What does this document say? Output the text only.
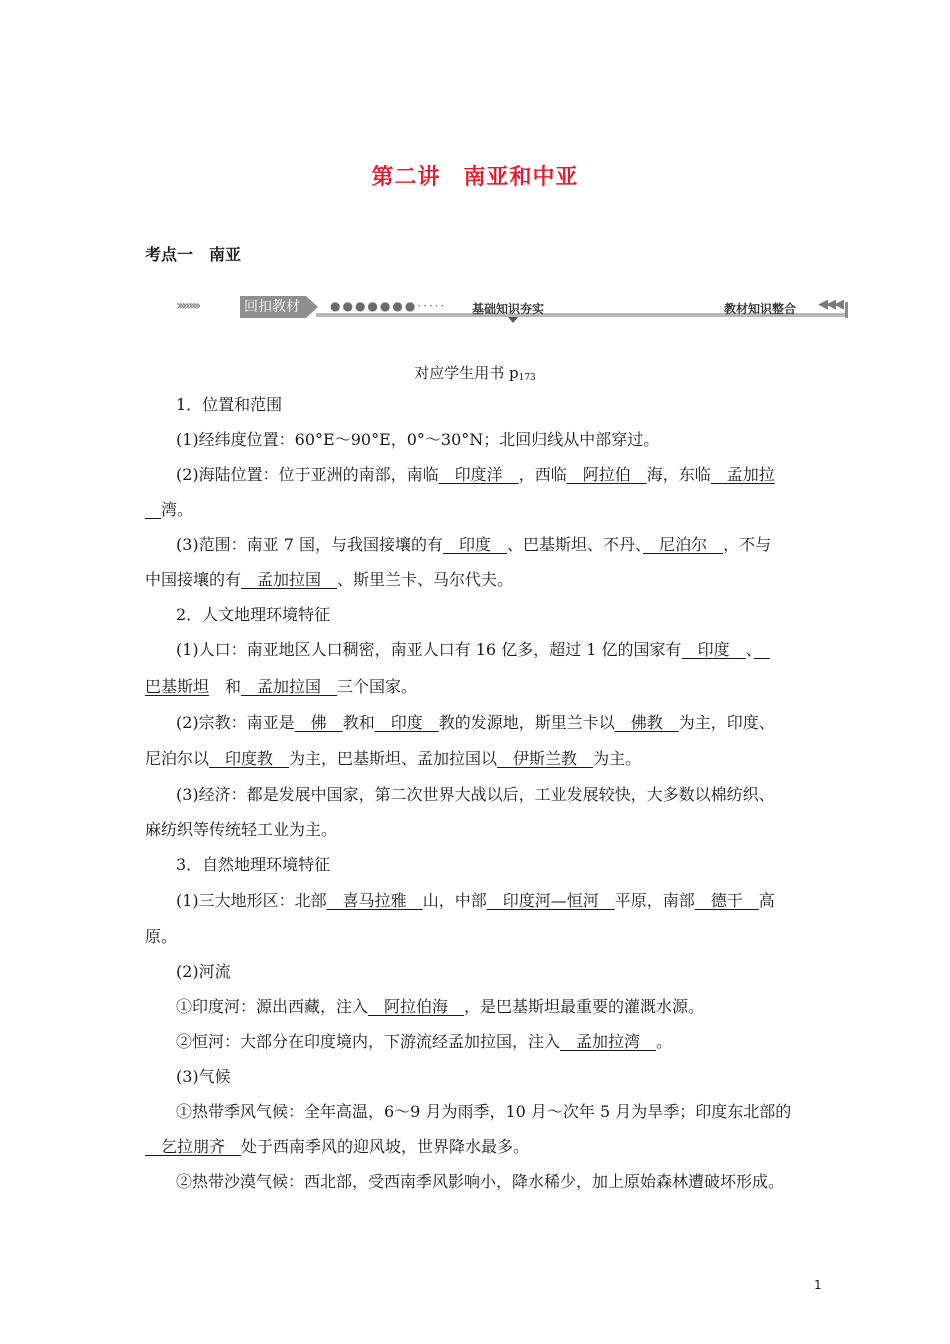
第二讲　南亚和中亚
考点一　南亚
››››››››	回扣教材	●●●●●●●····· 基础知识夯实	教材知识整合 ◀◀◀
对应学生用书 $p_{173}$
1．位置和范围
(1)经纬度位置：60°E～90°E，0°～30°N；北回归线从中部穿过。
(2)海陆位置：位于亚洲的南部，南临　印度洋　，西临　阿拉伯　海，东临　孟加拉
　湾。
(3)范围：南亚 7 国，与我国接壤的有　印度　、巴基斯坦、不丹、　尼泊尔　，不与
中国接壤的有　孟加拉国　、斯里兰卡、马尔代夫。
2．人文地理环境特征
(1)人口：南亚地区人口稠密，南亚人口有 16 亿多，超过 1 亿的国家有　印度　、　
巴基斯坦　和　孟加拉国　三个国家。
(2)宗教：南亚是　佛　教和　印度　教的发源地，斯里兰卡以　佛教　为主，印度、
尼泊尔以　印度教　为主，巴基斯坦、孟加拉国以　伊斯兰教　为主。
(3)经济：都是发展中国家，第二次世界大战以后，工业发展较快，大多数以棉纺织、
麻纺织等传统轻工业为主。
3．自然地理环境特征
(1)三大地形区：北部　喜马拉雅　山，中部　印度河—恒河　平原，南部　德干　高
原。
(2)河流
①印度河：源出西藏，注入　阿拉伯海　，是巴基斯坦最重要的灌溉水源。
②恒河：大部分在印度境内，下游流经孟加拉国，注入　孟加拉湾　。
(3)气候
①热带季风气候：全年高温，6～9 月为雨季，10 月～次年 5 月为旱季；印度东北部的
　乞拉朋齐　处于西南季风的迎风坡，世界降水最多。
②热带沙漠气候：西北部，受西南季风影响小，降水稀少，加上原始森林遭破坏形成。
1
